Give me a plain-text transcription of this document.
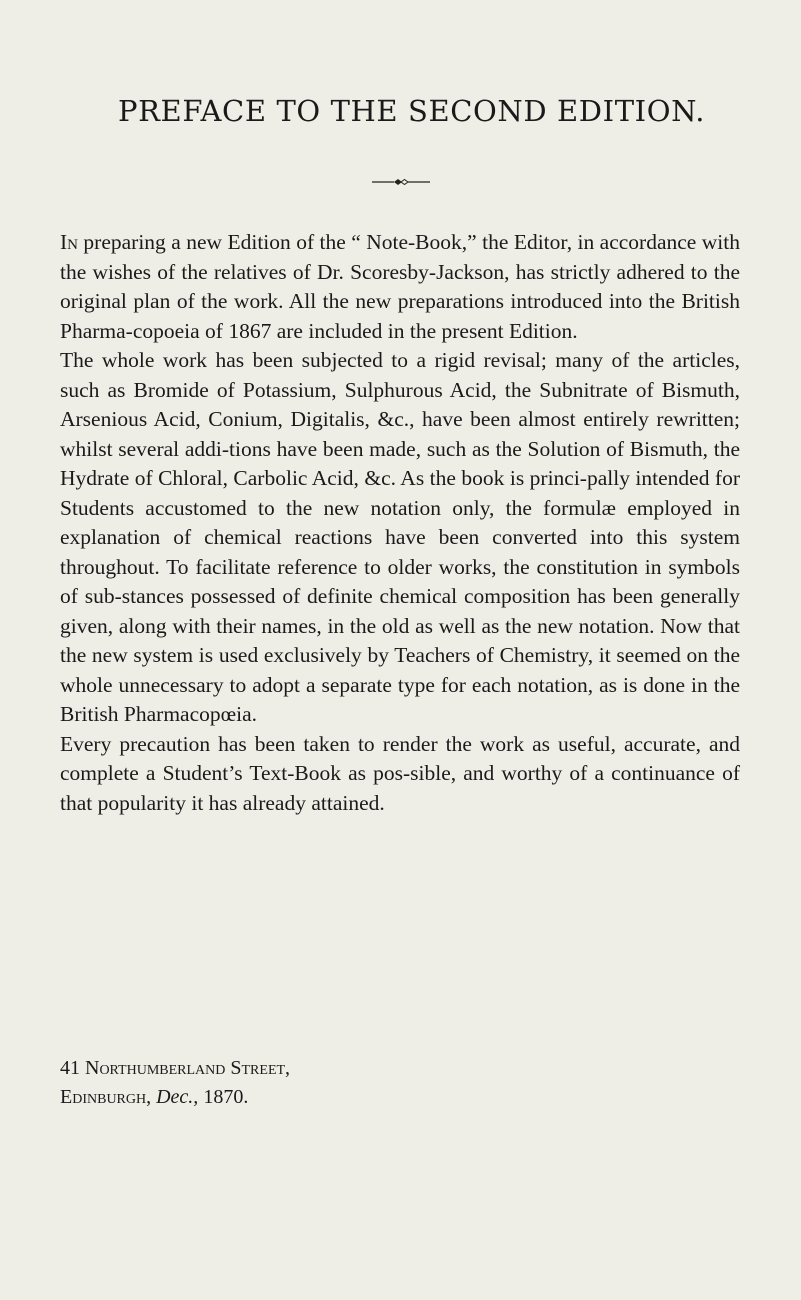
PREFACE TO THE SECOND EDITION.

In preparing a new Edition of the “ Note-Book,” the Editor, in accordance with the wishes of the relatives of Dr. Scoresby-Jackson, has strictly adhered to the original plan of the work. All the new preparations introduced into the British Pharma-copoeia of 1867 are included in the present Edition.

The whole work has been subjected to a rigid revisal; many of the articles, such as Bromide of Potassium, Sulphurous Acid, the Subnitrate of Bismuth, Arsenious Acid, Conium, Digitalis, &c., have been almost entirely rewritten; whilst several addi-tions have been made, such as the Solution of Bismuth, the Hydrate of Chloral, Carbolic Acid, &c. As the book is princi-pally intended for Students accustomed to the new notation only, the formulæ employed in explanation of chemical reactions have been converted into this system throughout. To facilitate reference to older works, the constitution in symbols of sub-stances possessed of definite chemical composition has been generally given, along with their names, in the old as well as the new notation. Now that the new system is used exclusively by Teachers of Chemistry, it seemed on the whole unnecessary to adopt a separate type for each notation, as is done in the British Pharmacopœia.

Every precaution has been taken to render the work as useful, accurate, and complete a Student’s Text-Book as pos-sible, and worthy of a continuance of that popularity it has already attained.

41 Northumberland Street,
Edinburgh, Dec., 1870.
